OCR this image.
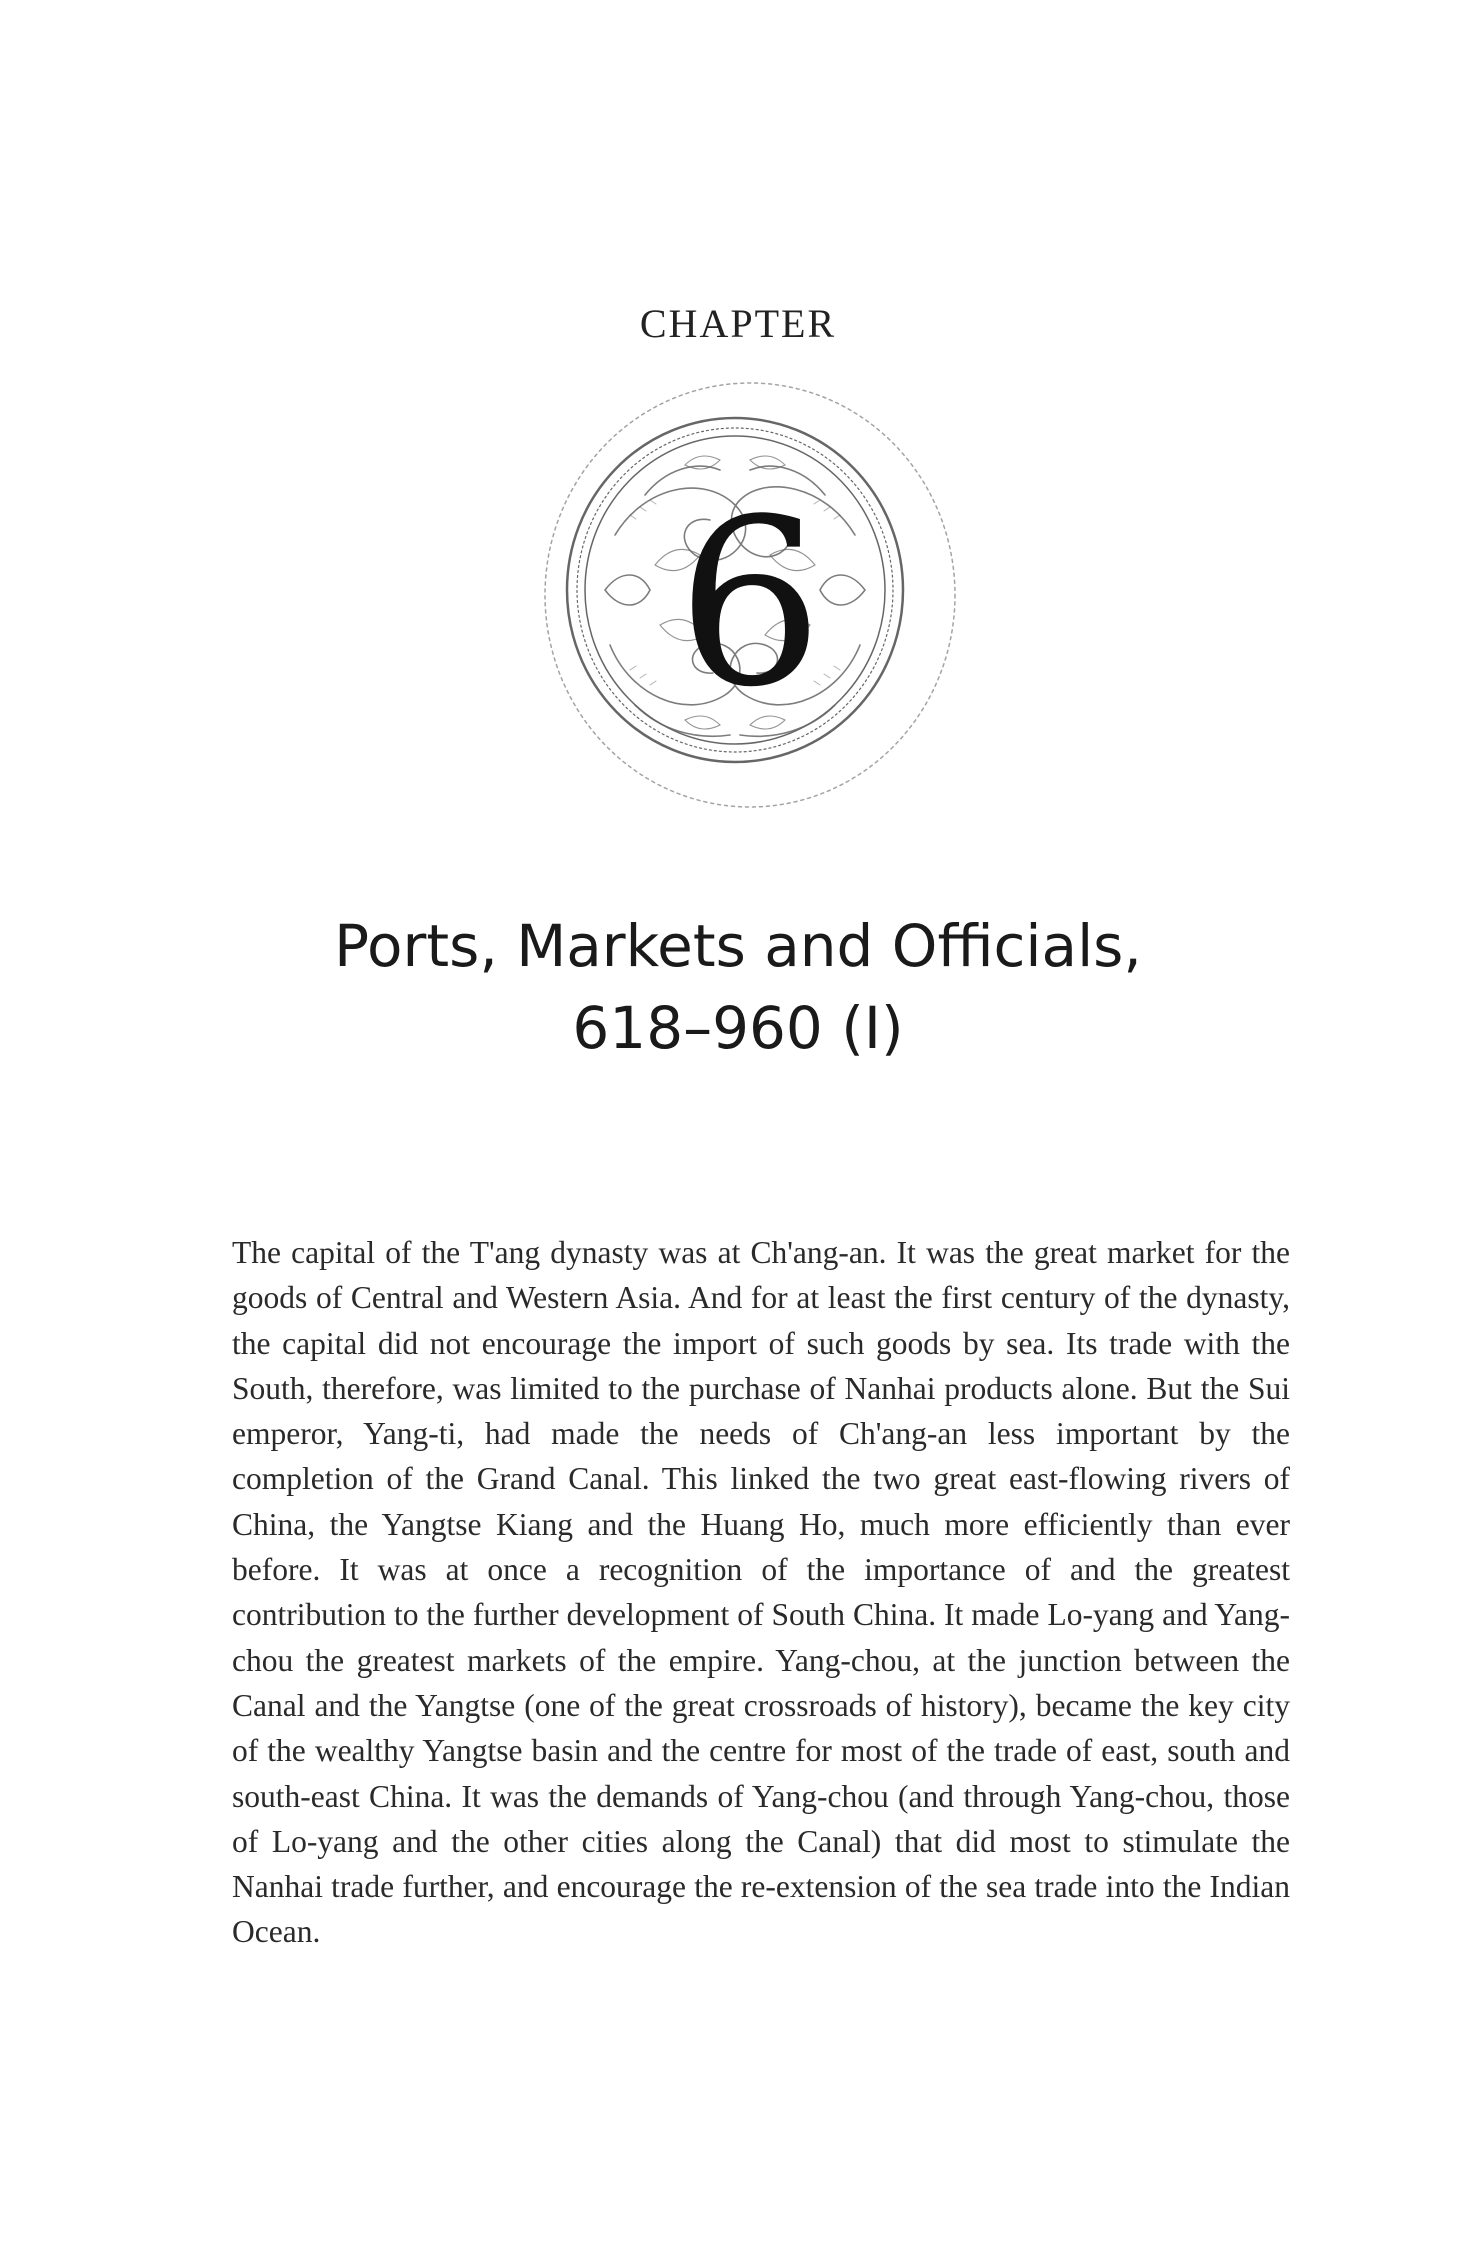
CHAPTER
6
Ports, Markets and Officials,
618–960 (I)

The capital of the T'ang dynasty was at Ch'ang-an. It was the great market for the goods of Central and Western Asia. And for at least the first century of the dynasty, the capital did not encourage the import of such goods by sea. Its trade with the South, therefore, was limited to the purchase of Nanhai products alone. But the Sui emperor, Yang-ti, had made the needs of Ch'ang-an less important by the completion of the Grand Canal. This linked the two great east-flowing rivers of China, the Yangtse Kiang and the Huang Ho, much more efficiently than ever before. It was at once a recognition of the importance of and the greatest contribution to the further development of South China. It made Lo-yang and Yang-chou the greatest markets of the empire. Yang-chou, at the junction between the Canal and the Yangtse (one of the great crossroads of history), became the key city of the wealthy Yangtse basin and the centre for most of the trade of east, south and south-east China. It was the demands of Yang-chou (and through Yang-chou, those of Lo-yang and the other cities along the Canal) that did most to stimulate the Nanhai trade further, and encourage the re-extension of the sea trade into the Indian Ocean.
